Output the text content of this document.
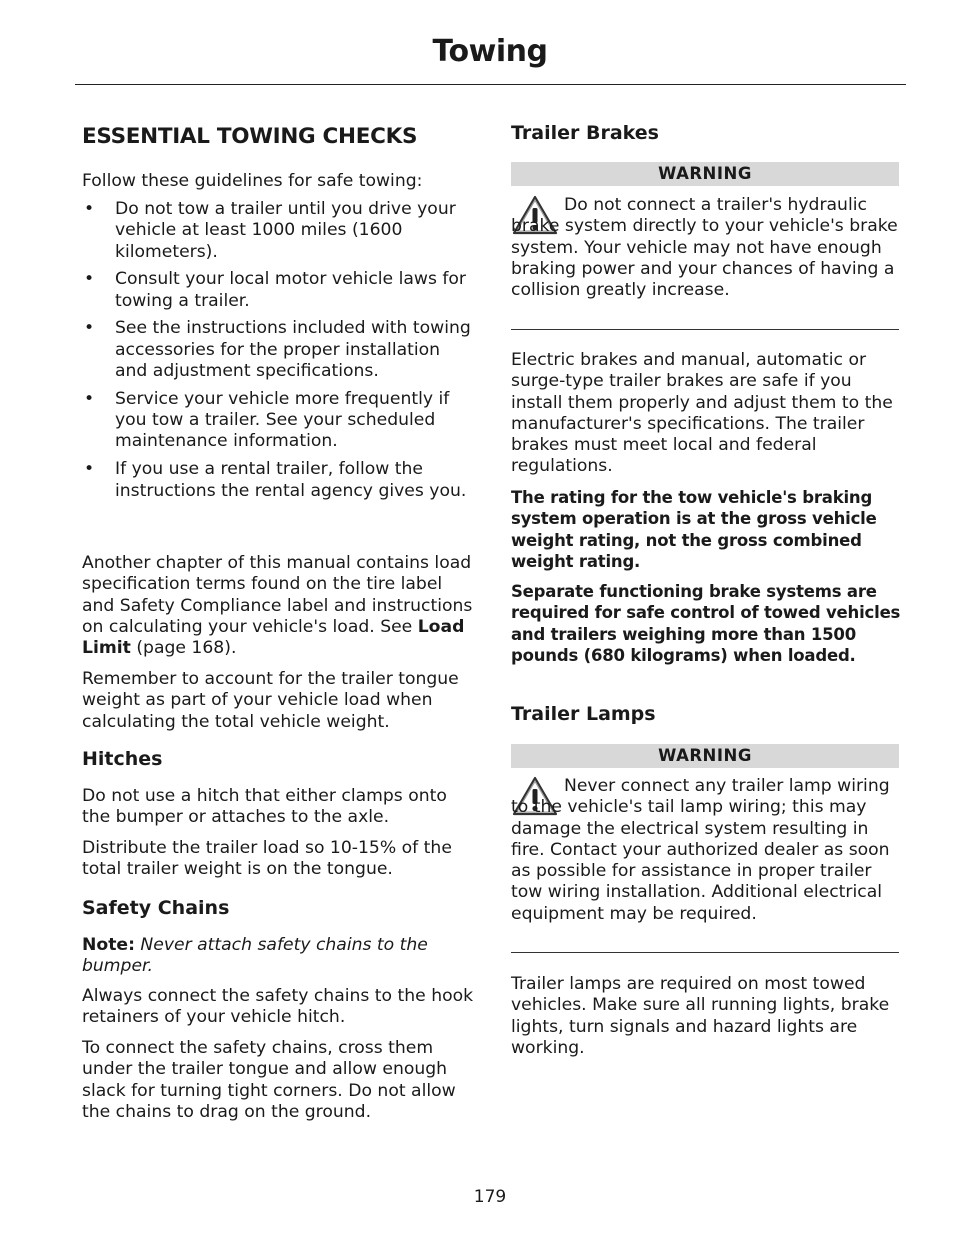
Towing
ESSENTIAL TOWING CHECKS

Follow these guidelines for safe towing:

• Do not tow a trailer until you drive your vehicle at least 1000 miles (1600 kilometers).
• Consult your local motor vehicle laws for towing a trailer.
• See the instructions included with towing accessories for the proper installation and adjustment specifications.
• Service your vehicle more frequently if you tow a trailer. See your scheduled maintenance information.
• If you use a rental trailer, follow the instructions the rental agency gives you.

Another chapter of this manual contains load specification terms found on the tire label and Safety Compliance label and instructions on calculating your vehicle's load. See Load Limit (page 168).

Remember to account for the trailer tongue weight as part of your vehicle load when calculating the total vehicle weight.

Hitches

Do not use a hitch that either clamps onto the bumper or attaches to the axle.

Distribute the trailer load so 10-15% of the total trailer weight is on the tongue.

Safety Chains

Note: Never attach safety chains to the bumper.

Always connect the safety chains to the hook retainers of your vehicle hitch.

To connect the safety chains, cross them under the trailer tongue and allow enough slack for turning tight corners. Do not allow the chains to drag on the ground.

Trailer Brakes
WARNING
Do not connect a trailer's hydraulic brake system directly to your vehicle's brake system. Your vehicle may not have enough braking power and your chances of having a collision greatly increase.

Electric brakes and manual, automatic or surge-type trailer brakes are safe if you install them properly and adjust them to the manufacturer's specifications. The trailer brakes must meet local and federal regulations.

The rating for the tow vehicle's braking system operation is at the gross vehicle weight rating, not the gross combined weight rating.
Separate functioning brake systems are required for safe control of towed vehicles and trailers weighing more than 1500 pounds (680 kilograms) when loaded.
Trailer Lamps
WARNING
Never connect any trailer lamp wiring to the vehicle's tail lamp wiring; this may damage the electrical system resulting in fire. Contact your authorized dealer as soon as possible for assistance in proper trailer tow wiring installation. Additional electrical equipment may be required.

Trailer lamps are required on most towed vehicles. Make sure all running lights, brake lights, turn signals and hazard lights are working.

179
